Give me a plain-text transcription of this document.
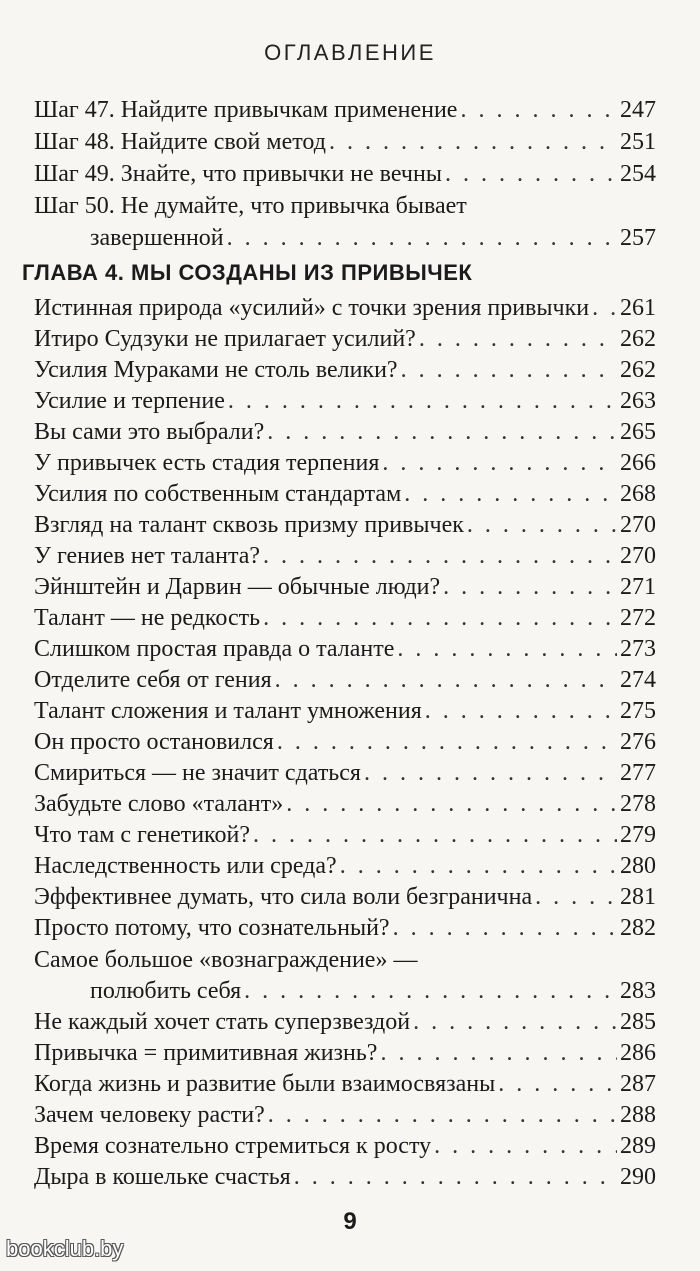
ОГЛАВЛЕНИЕ
Шаг 47. Найдите привычкам применение . . .	247
Шаг 48. Найдите свой метод . . .	251
Шаг 49. Знайте, что привычки не вечны . . .	254
Шаг 50. Не думайте, что привычка бывает
завершенной . . .	257
ГЛАВА 4. МЫ СОЗДАНЫ ИЗ ПРИВЫЧЕК
Истинная природа «усилий» с точки зрения привычки . . . 261
Итиро Судзуки не прилагает усилий? . . .	262
Усилия Мураками не столь велики? . . .	262
Усилие и терпение . . .	263
Вы сами это выбрали? . . .	265
У привычек есть стадия терпения . . .	266
Усилия по собственным стандартам . . .	268
Взгляд на талант сквозь призму привычек . . .	270
У гениев нет таланта? . . .	270
Эйнштейн и Дарвин — обычные люди? . . .	271
Талант — не редкость . . .	272
Слишком простая правда о таланте . . .	273
Отделите себя от гения . . .	274
Талант сложения и талант умножения . . .	275
Он просто остановился . . .	276
Смириться — не значит сдаться . . .	277
Забудьте слово «талант» . . .	278
Что там с генетикой? . . .	279
Наследственность или среда? . . .	280
Эффективнее думать, что сила воли безгранична . . .	281
Просто потому, что сознательный? . . .	282
Самое большое «вознаграждение» —
полюбить себя . . .	283
Не каждый хочет стать суперзвездой . . .	285
Привычка = примитивная жизнь? . . .	286
Когда жизнь и развитие были взаимосвязаны . . .	287
Зачем человеку расти? . . .	288
Время сознательно стремиться к росту . . .	289
Дыра в кошельке счастья . . .	290
9
bookclub.by
